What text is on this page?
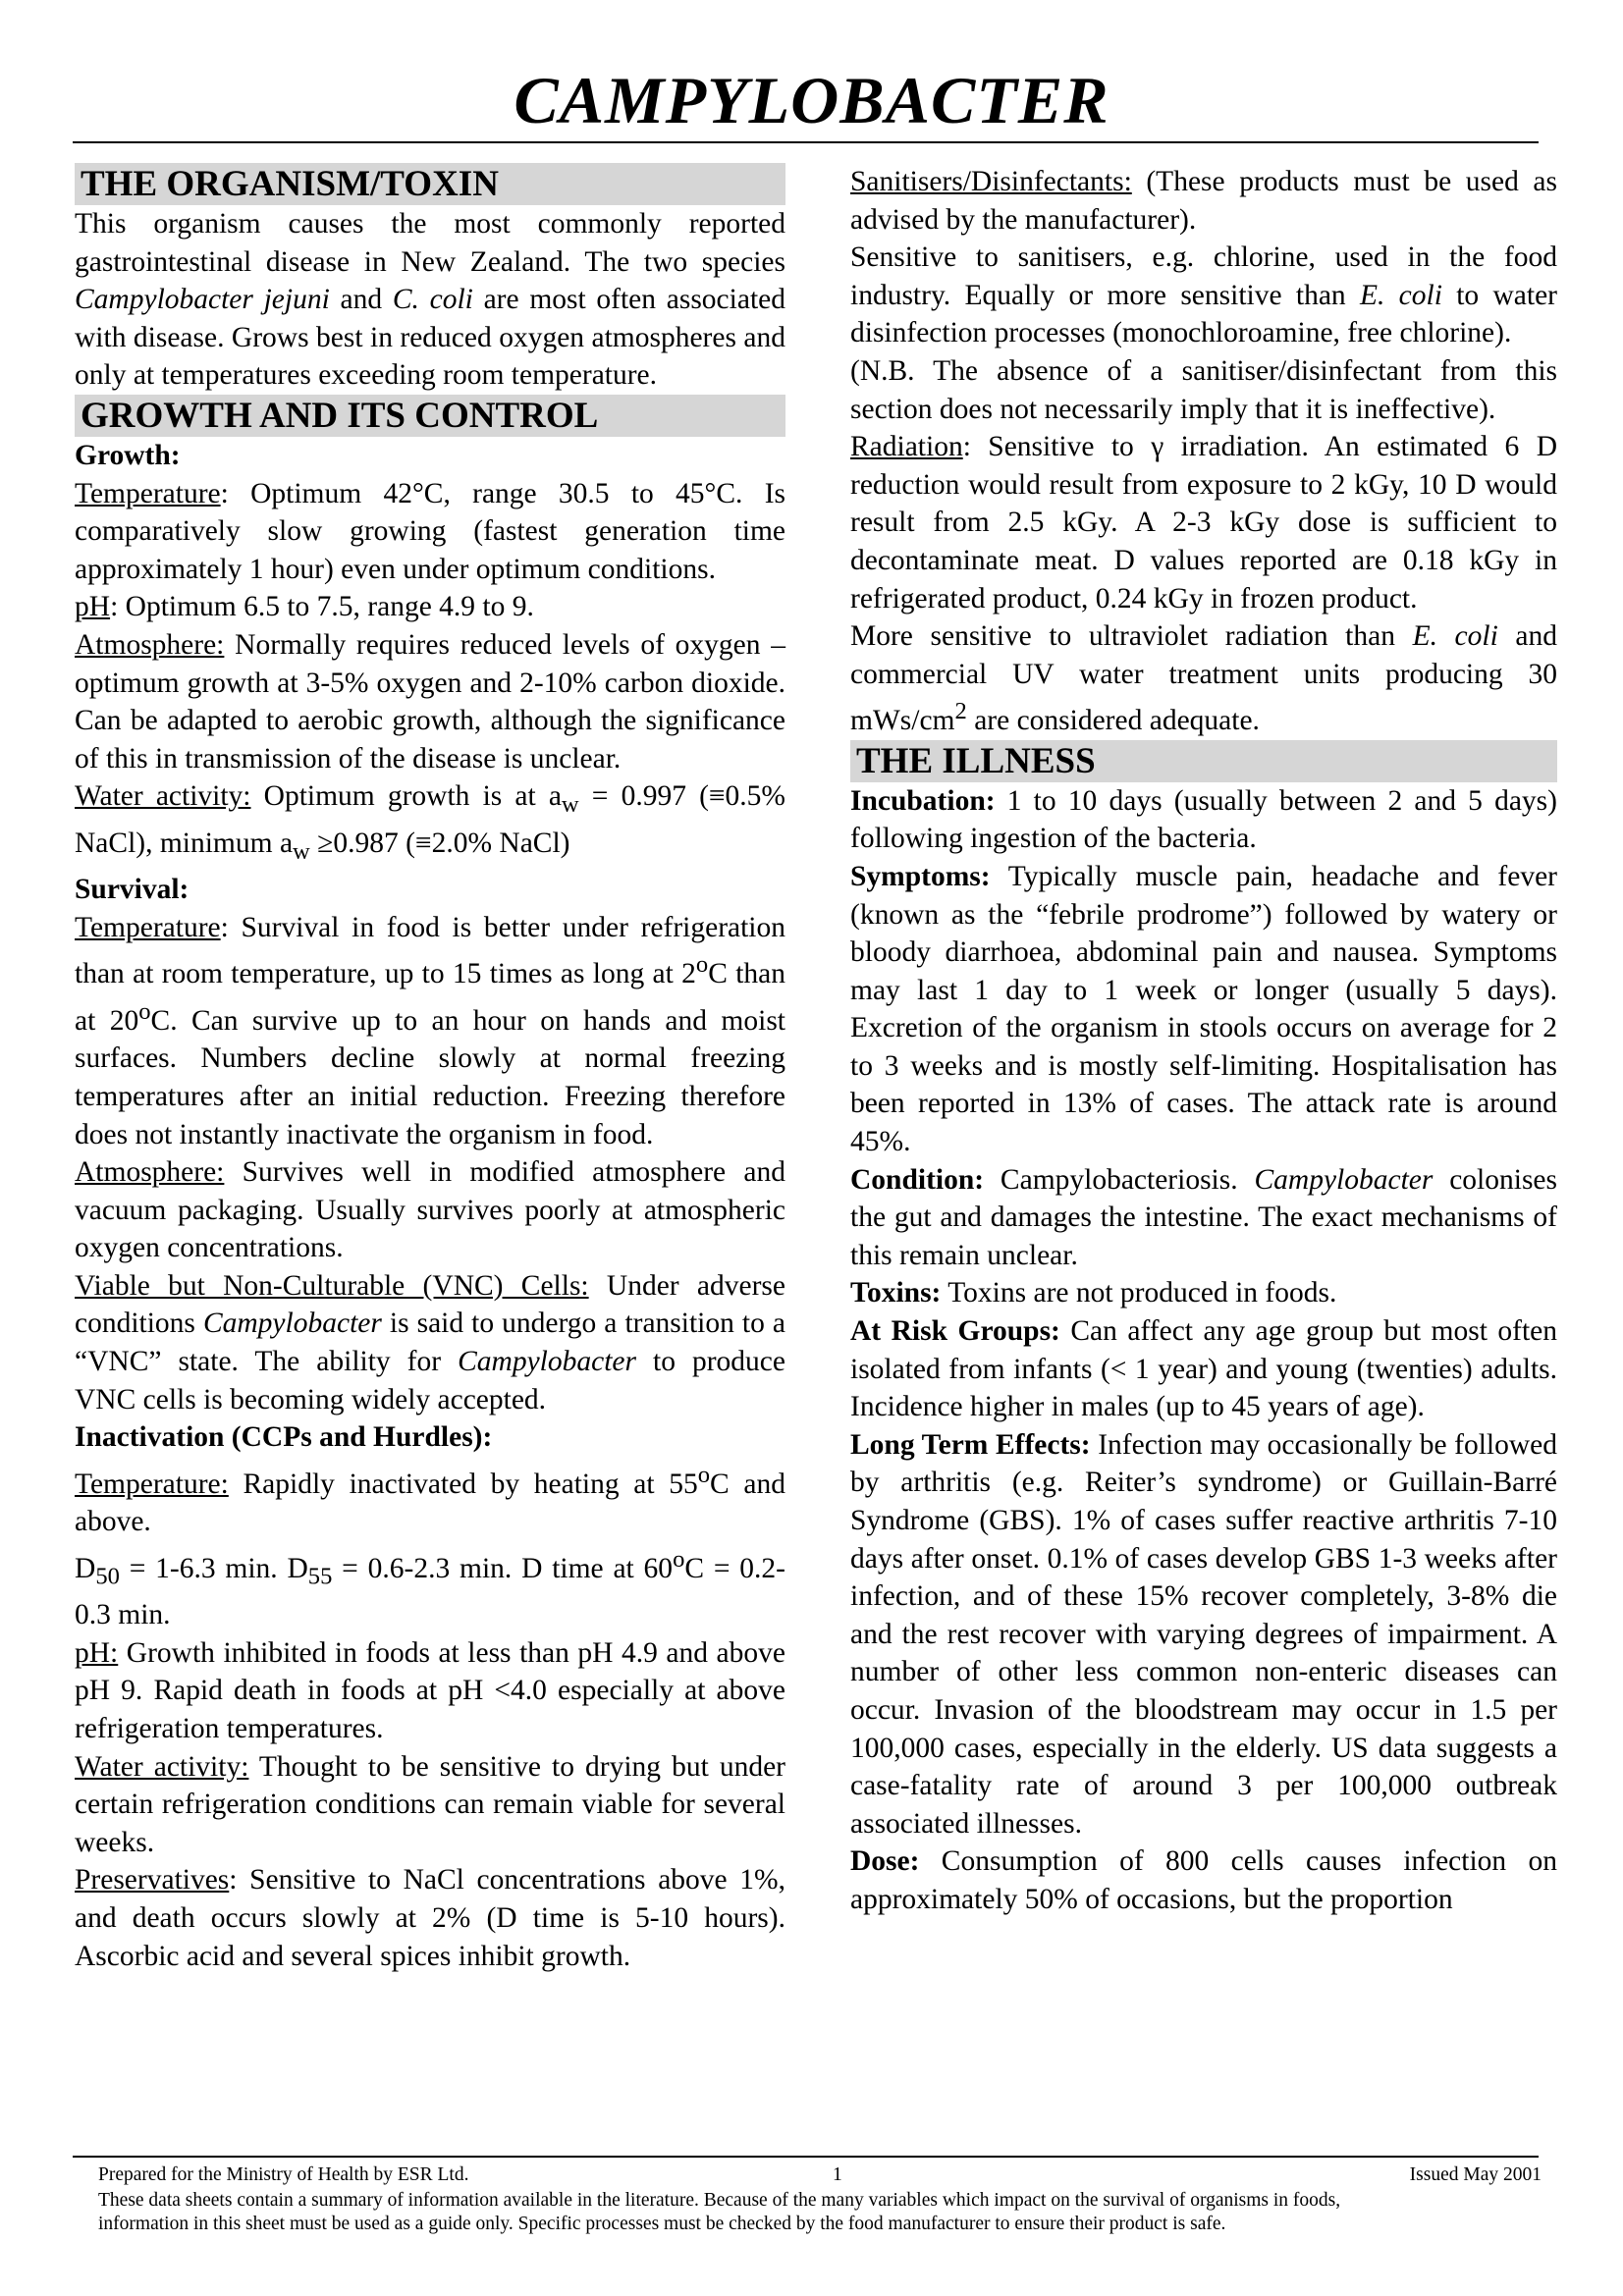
CAMPYLOBACTER
THE ORGANISM/TOXIN

This organism causes the most commonly reported gastrointestinal disease in New Zealand. The two species Campylobacter jejuni and C. coli are most often associated with disease. Grows best in reduced oxygen atmospheres and only at temperatures exceeding room temperature.

GROWTH AND ITS CONTROL

Growth:

Temperature: Optimum 42°C, range 30.5 to 45°C. Is comparatively slow growing (fastest generation time approximately 1 hour) even under optimum conditions.

pH: Optimum 6.5 to 7.5, range 4.9 to 9.

Atmosphere: Normally requires reduced levels of oxygen – optimum growth at 3-5% oxygen and 2-10% carbon dioxide. Can be adapted to aerobic growth, although the significance of this in transmission of the disease is unclear.

Water activity: Optimum growth is at $a_w = 0.997$ (≡0.5% NaCl), minimum $a_w \ge 0.987$ (≡2.0% NaCl)

Survival:

Temperature: Survival in food is better under refrigeration than at room temperature, up to 15 times as long at 2$^o$C than at 20$^o$C. Can survive up to an hour on hands and moist surfaces. Numbers decline slowly at normal freezing temperatures after an initial reduction. Freezing therefore does not instantly inactivate the organism in food.

Atmosphere: Survives well in modified atmosphere and vacuum packaging. Usually survives poorly at atmospheric oxygen concentrations.

Viable but Non-Culturable (VNC) Cells: Under adverse conditions Campylobacter is said to undergo a transition to a “VNC” state. The ability for Campylobacter to produce VNC cells is becoming widely accepted.

Inactivation (CCPs and Hurdles):

Temperature: Rapidly inactivated by heating at 55$^o$C and above.

$D_{50} = 1-6.3$ min. $D_{55} = 0.6-2.3$ min. D time at $60^oC = 0.2-0.3$ min.

pH: Growth inhibited in foods at less than pH 4.9 and above pH 9. Rapid death in foods at pH <4.0 especially at above refrigeration temperatures.

Water activity: Thought to be sensitive to drying but under certain refrigeration conditions can remain viable for several weeks.

Preservatives: Sensitive to NaCl concentrations above 1%, and death occurs slowly at 2% (D time is 5-10 hours). Ascorbic acid and several spices inhibit growth.

Sanitisers/Disinfectants: (These products must be used as advised by the manufacturer).

Sensitive to sanitisers, e.g. chlorine, used in the food industry. Equally or more sensitive than E. coli to water disinfection processes (monochloroamine, free chlorine).

(N.B. The absence of a sanitiser/disinfectant from this section does not necessarily imply that it is ineffective).

Radiation: Sensitive to γ irradiation. An estimated 6 D reduction would result from exposure to 2 kGy, 10 D would result from 2.5 kGy. A 2-3 kGy dose is sufficient to decontaminate meat. D values reported are 0.18 kGy in refrigerated product, 0.24 kGy in frozen product.

More sensitive to ultraviolet radiation than E. coli and commercial UV water treatment units producing 30 mWs/$cm^2$ are considered adequate.

THE ILLNESS

Incubation: 1 to 10 days (usually between 2 and 5 days) following ingestion of the bacteria.

Symptoms: Typically muscle pain, headache and fever (known as the “febrile prodrome”) followed by watery or bloody diarrhoea, abdominal pain and nausea. Symptoms may last 1 day to 1 week or longer (usually 5 days). Excretion of the organism in stools occurs on average for 2 to 3 weeks and is mostly self-limiting. Hospitalisation has been reported in 13% of cases. The attack rate is around 45%.

Condition: Campylobacteriosis. Campylobacter colonises the gut and damages the intestine. The exact mechanisms of this remain unclear.

Toxins: Toxins are not produced in foods.

At Risk Groups: Can affect any age group but most often isolated from infants (< 1 year) and young (twenties) adults. Incidence higher in males (up to 45 years of age).

Long Term Effects: Infection may occasionally be followed by arthritis (e.g. Reiter’s syndrome) or Guillain-Barré Syndrome (GBS). 1% of cases suffer reactive arthritis 7-10 days after onset. 0.1% of cases develop GBS 1-3 weeks after infection, and of these 15% recover completely, 3-8% die and the rest recover with varying degrees of impairment. A number of other less common non-enteric diseases can occur. Invasion of the bloodstream may occur in 1.5 per 100,000 cases, especially in the elderly. US data suggests a case-fatality rate of around 3 per 100,000 outbreak associated illnesses.

Dose: Consumption of 800 cells causes infection on approximately 50% of occasions, but the proportion

Prepared for the Ministry of Health by ESR Ltd.	1	Issued May 2001
These data sheets contain a summary of information available in the literature. Because of the many variables which impact on the survival of organisms in foods,
information in this sheet must be used as a guide only. Specific processes must be checked by the food manufacturer to ensure their product is safe.
